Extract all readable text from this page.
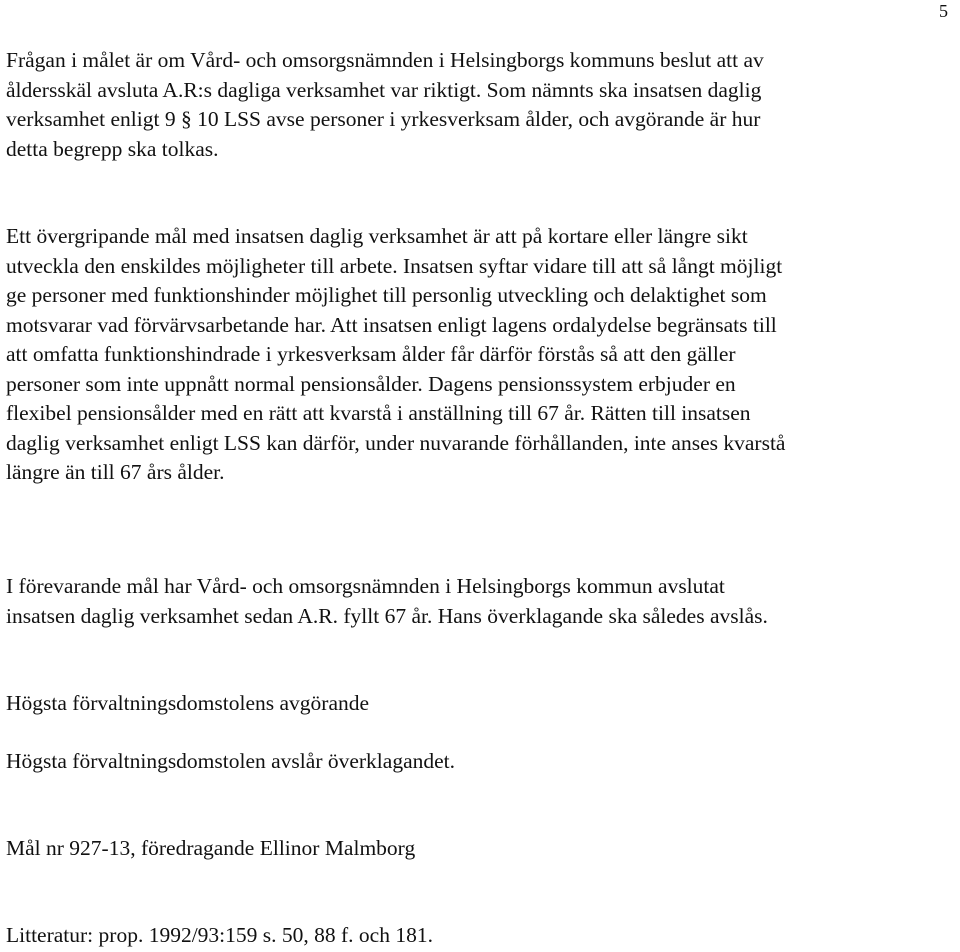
5

Frågan i målet är om Vård- och omsorgsnämnden i Helsingborgs kommuns beslut att av åldersskäl avsluta A.R:s dagliga verksamhet var riktigt. Som nämnts ska insatsen daglig verksamhet enligt 9 § 10 LSS avse personer i yrkesverksam ålder, och avgörande är hur detta begrepp ska tolkas.

Ett övergripande mål med insatsen daglig verksamhet är att på kortare eller längre sikt utveckla den enskildes möjligheter till arbete. Insatsen syftar vidare till att så långt möjligt ge personer med funktionshinder möjlighet till personlig utveckling och delaktighet som motsvarar vad förvärvsarbetande har. Att insatsen enligt lagens ordalydelse begränsats till att omfatta funktionshindrade i yrkesverksam ålder får därför förstås så att den gäller personer som inte uppnått normal pensionsålder. Dagens pensionssystem erbjuder en flexibel pensionsålder med en rätt att kvarstå i anställning till 67 år. Rätten till insatsen daglig verksamhet enligt LSS kan därför, under nuvarande förhållanden, inte anses kvarstå längre än till 67 års ålder.

I förevarande mål har Vård- och omsorgsnämnden i Helsingborgs kommun avslutat insatsen daglig verksamhet sedan A.R. fyllt 67 år. Hans överklagande ska således avslås.

Högsta förvaltningsdomstolens avgörande

Högsta förvaltningsdomstolen avslår överklagandet.

Mål nr 927-13, föredragande Ellinor Malmborg

Litteratur: prop. 1992/93:159 s. 50, 88 f. och 181.
